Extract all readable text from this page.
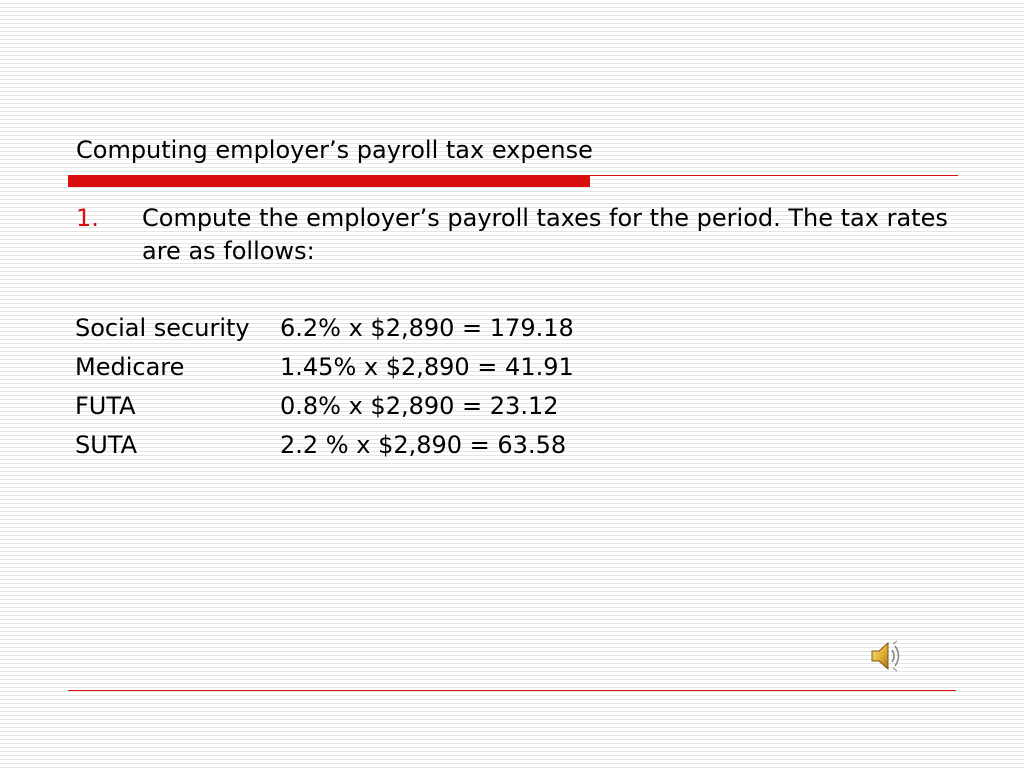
Computing employer’s payroll tax expense
1. Compute the employer’s payroll taxes for the period. The tax rates are as follows:
Social security 6.2% x $2,890 = 179.18
Medicare	1.45% x $2,890 = 41.91
FUTA	0.8% x $2,890 = 23.12
SUTA	2.2 % x $2,890 = 63.58
